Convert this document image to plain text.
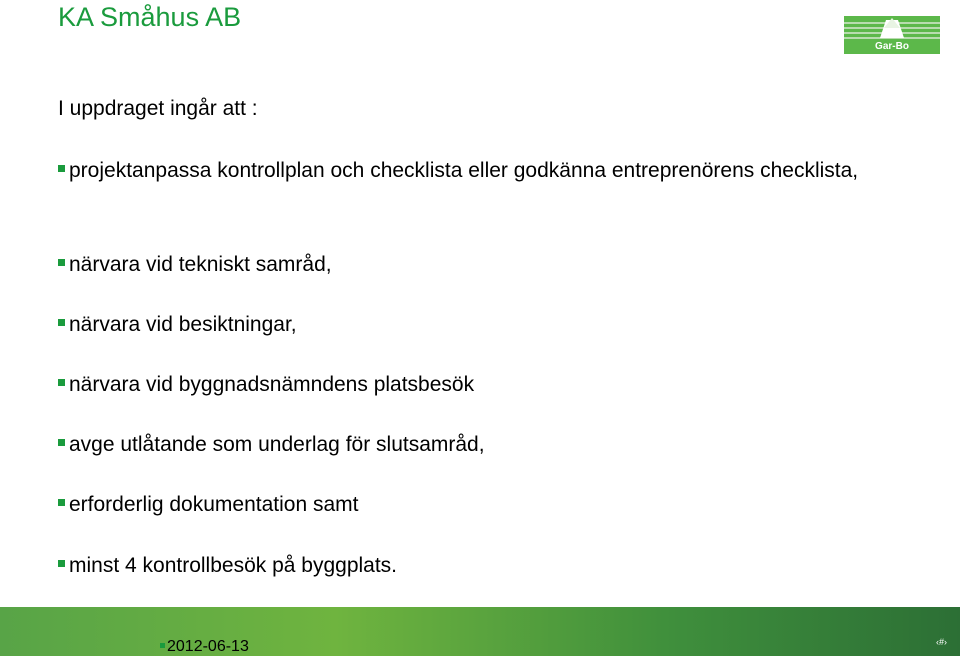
KA Småhus AB
Gar-Bo
I uppdraget ingår att :
projektanpassa kontrollplan och checklista eller godkänna entreprenörens checklista,
närvara vid tekniskt samråd,
närvara vid besiktningar,
närvara vid byggnadsnämndens platsbesök
avge utlåtande som underlag för slutsamråd,
erforderlig dokumentation samt
minst 4 kontrollbesök på byggplats.
2012-06-13	‹#›
